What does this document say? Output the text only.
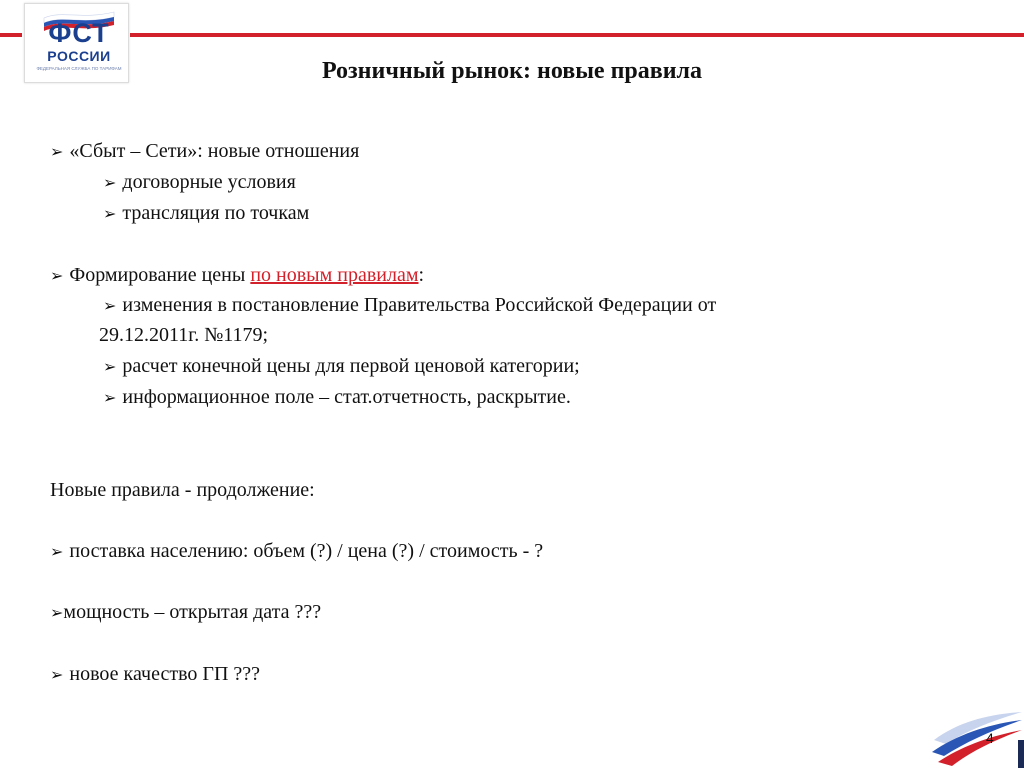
ФСТ
РОССИИ
ФЕДЕРАЛЬНАЯ СЛУЖБА ПО ТАРИФАМ	Розничный рынок: новые правила
➢ «Сбыт – Сети»: новые отношения
➢ договорные условия
➢ трансляция по точкам
➢ Формирование цены по новым правилам:
➢ изменения в постановление Правительства Российской Федерации от
29.12.2011г. №1179;
➢ расчет конечной цены для первой ценовой категории;
➢ информационное поле – стат.отчетность, раскрытие.
Новые правила - продолжение:
➢ поставка населению: объем (?) / цена (?) / стоимость - ?
➢мощность – открытая дата ???
➢ новое качество ГП ???
4
